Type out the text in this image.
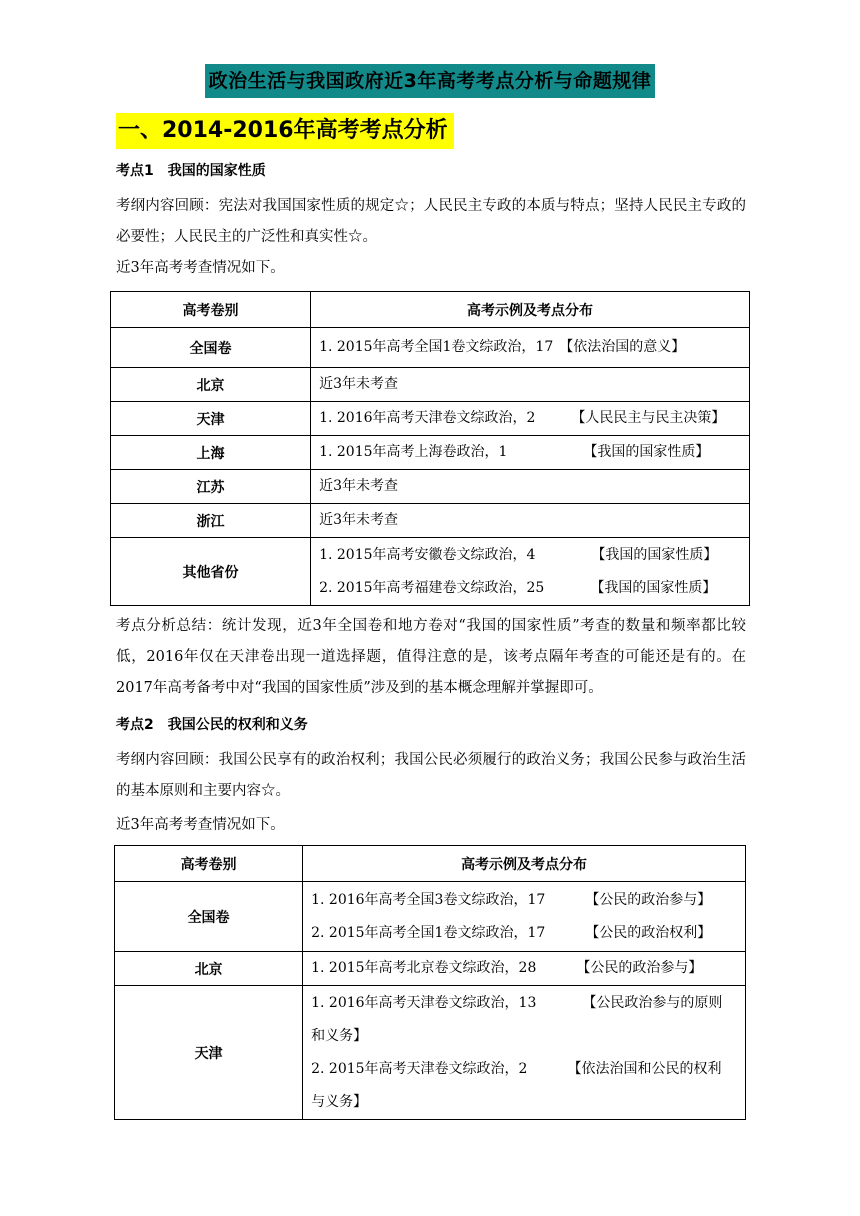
政治生活与我国政府近3年高考考点分析与命题规律
一、2014-2016年高考考点分析
考点1　我国的国家性质
考纲内容回顾：宪法对我国国家性质的规定☆；人民民主专政的本质与特点；坚持人民民主专政的必要性；人民民主的广泛性和真实性☆。
近3年高考考查情况如下。
高考卷别	高考示例及考点分布
全国卷	1. 2015年高考全国1卷文综政治，17 【依法治国的意义】

北京	近3年未考查

天津	1. 2016年高考天津卷文综政治，2 【人民民主与民主决策】

上海	1. 2015年高考上海卷政治，1 【我国的国家性质】

江苏	近3年未考查

浙江	近3年未考查

其他省份	1. 2015年高考安徽卷文综政治，4 【我国的国家性质】
2. 2015年高考福建卷文综政治，25 【我国的国家性质】
考点分析总结：统计发现，近3年全国卷和地方卷对“我国的国家性质”考查的数量和频率都比较低，2016年仅在天津卷出现一道选择题，值得注意的是，该考点隔年考查的可能还是有的。在2017年高考备考中对“我国的国家性质”涉及到的基本概念理解并掌握即可。
考点2　我国公民的权利和义务
考纲内容回顾：我国公民享有的政治权利；我国公民必须履行的政治义务；我国公民参与政治生活的基本原则和主要内容☆。
近3年高考考查情况如下。
高考卷别	高考示例及考点分布
全国卷	1. 2016年高考全国3卷文综政治，17 【公民的政治参与】
2. 2015年高考全国1卷文综政治，17 【公民的政治权利】

北京	1. 2015年高考北京卷文综政治，28 【公民的政治参与】

天津	1. 2016年高考天津卷文综政治，13 【公民政治参与的原则
和义务】
2. 2015年高考天津卷文综政治，2 【依法治国和公民的权利
与义务】
